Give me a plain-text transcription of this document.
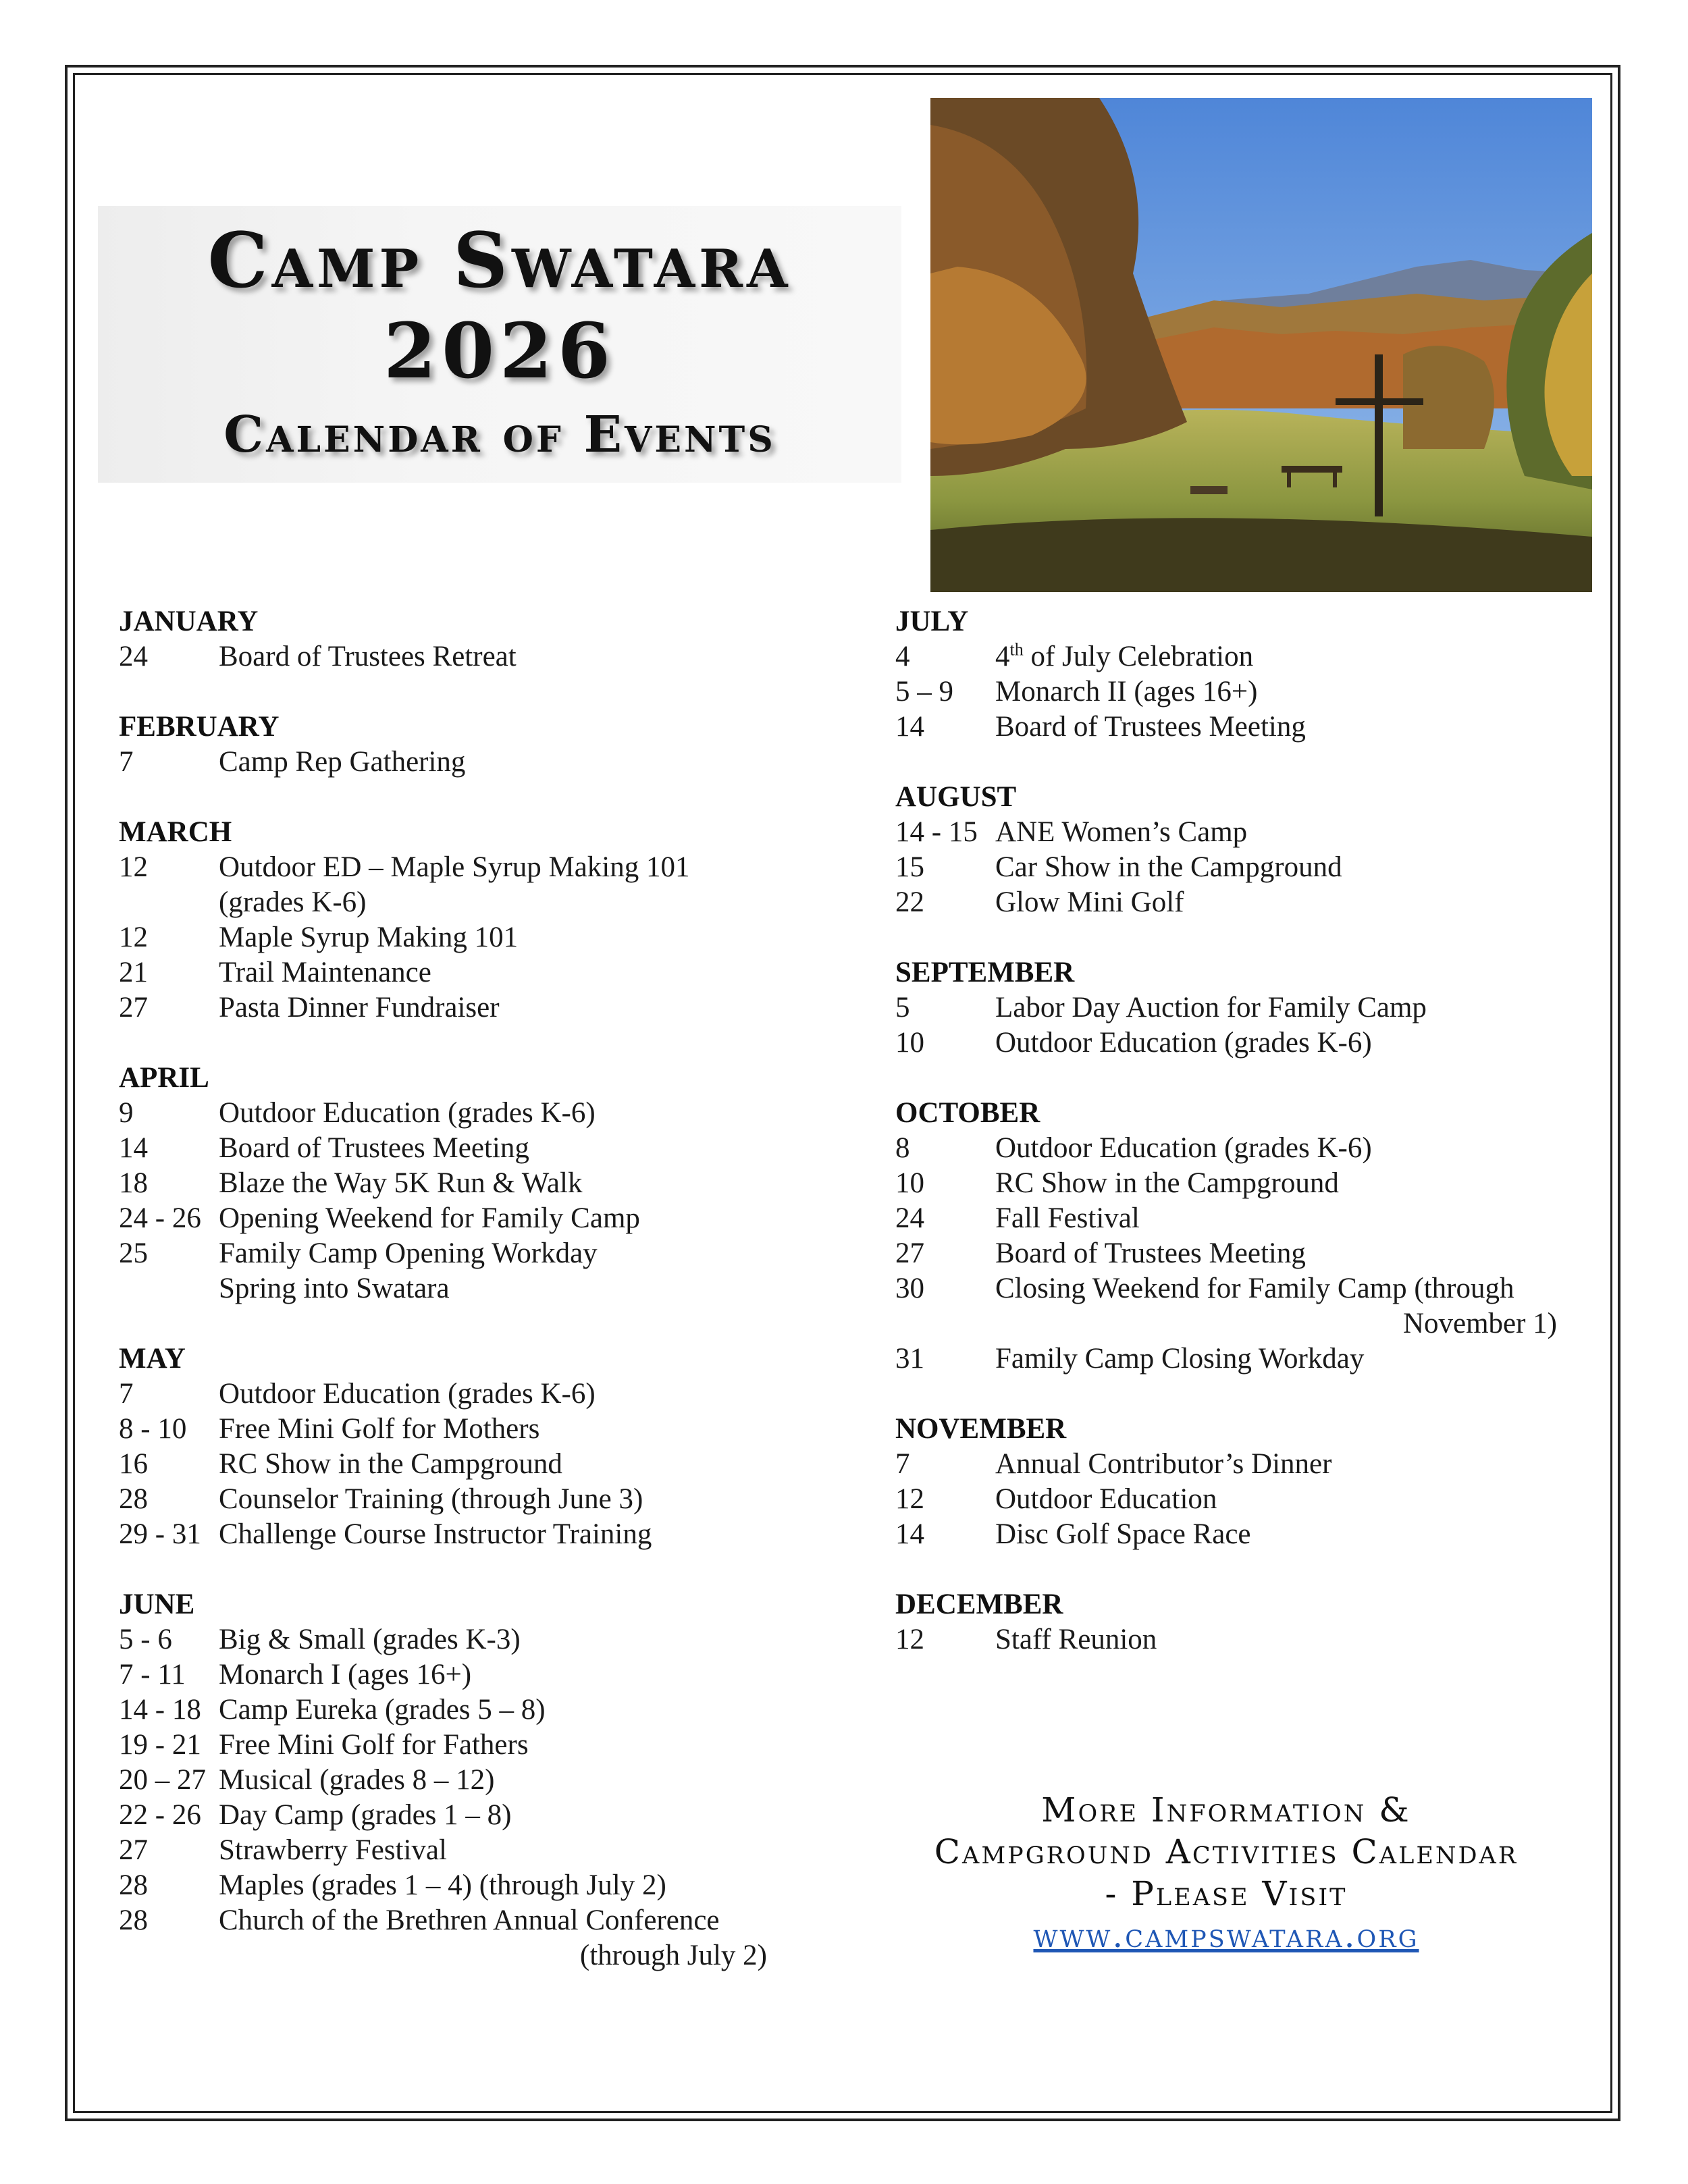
Camp Swatara

2026

Calendar of Events

JANUARY
24	Board of Trustees Retreat
FEBRUARY
7	Camp Rep Gathering
MARCH
12	Outdoor ED – Maple Syrup Making 101
(grades K-6)
12	Maple Syrup Making 101
21	Trail Maintenance
27	Pasta Dinner Fundraiser
APRIL
9	Outdoor Education (grades K-6)
14	Board of Trustees Meeting
18	Blaze the Way 5K Run & Walk
24 - 26 Opening Weekend for Family Camp
25	Family Camp Opening Workday
Spring into Swatara
MAY
7	Outdoor Education (grades K-6)
8 - 10	Free Mini Golf for Mothers
16	RC Show in the Campground
28	Counselor Training (through June 3)
29 - 31 Challenge Course Instructor Training
JUNE
5 - 6	Big & Small (grades K-3)
7 - 11	Monarch I (ages 16+)
14 - 18 Camp Eureka (grades 5 – 8)
19 - 21 Free Mini Golf for Fathers
20 – 27 Musical (grades 8 – 12)
22 - 26 Day Camp (grades 1 – 8)
27	Strawberry Festival
28	Maples (grades 1 – 4) (through July 2)
28	Church of the Brethren Annual Conference
(through July 2)
JULY
4	4th of July Celebration
5 – 9	Monarch II (ages 16+)
14	Board of Trustees Meeting
AUGUST
14 - 15 ANE Women’s Camp
15	Car Show in the Campground
22	Glow Mini Golf
SEPTEMBER
5	Labor Day Auction for Family Camp
10	Outdoor Education (grades K-6)
OCTOBER
8	Outdoor Education (grades K-6)
10	RC Show in the Campground
24	Fall Festival
27	Board of Trustees Meeting
30	Closing Weekend for Family Camp (through
November 1)
31	Family Camp Closing Workday
NOVEMBER
7	Annual Contributor’s Dinner
12	Outdoor Education
14	Disc Golf Space Race
DECEMBER
12	Staff Reunion
More Information &
Campground Activities Calendar
- Please Visit
www.campswatara.org
